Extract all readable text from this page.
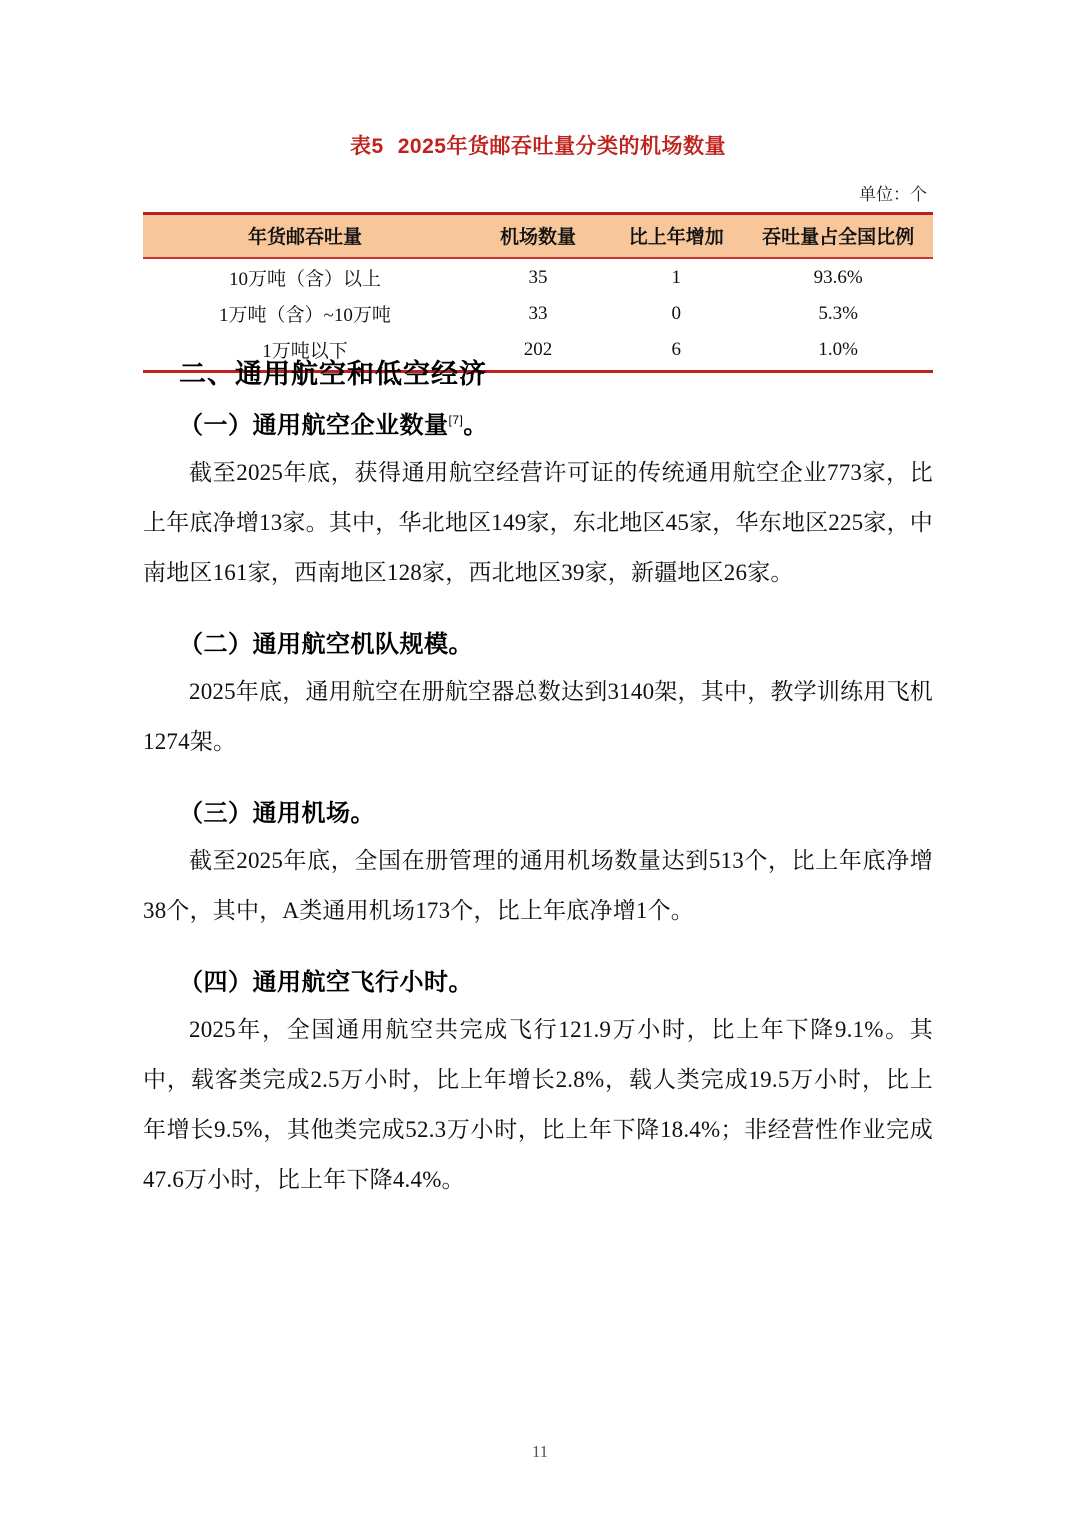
表5 2025年货邮吞吐量分类的机场数量
单位：个
年货邮吞吐量	机场数量	比上年增加	吞吐量占全国比例
10万吨（含）以上	35	1	93.6%
1万吨（含）~10万吨	33	0	5.3%
1万吨以下	202	6	1.0%
二、通用航空和低空经济
（一）通用航空企业数量[7]。

截至2025年底，获得通用航空经营许可证的传统通用航空企业773家，比上年底净增13家。其中，华北地区149家，东北地区45家，华东地区225家，中南地区161家，西南地区128家，西北地区39家，新疆地区26家。

（二）通用航空机队规模。

2025年底，通用航空在册航空器总数达到3140架，其中，教学训练用飞机1274架。

（三）通用机场。

截至2025年底，全国在册管理的通用机场数量达到513个，比上年底净增38个，其中，A类通用机场173个，比上年底净增1个。

（四）通用航空飞行小时。

2025年，全国通用航空共完成飞行121.9万小时，比上年下降9.1%。其中，载客类完成2.5万小时，比上年增长2.8%，载人类完成19.5万小时，比上年增长9.5%，其他类完成52.3万小时，比上年下降18.4%；非经营性作业完成47.6万小时，比上年下降4.4%。

11
